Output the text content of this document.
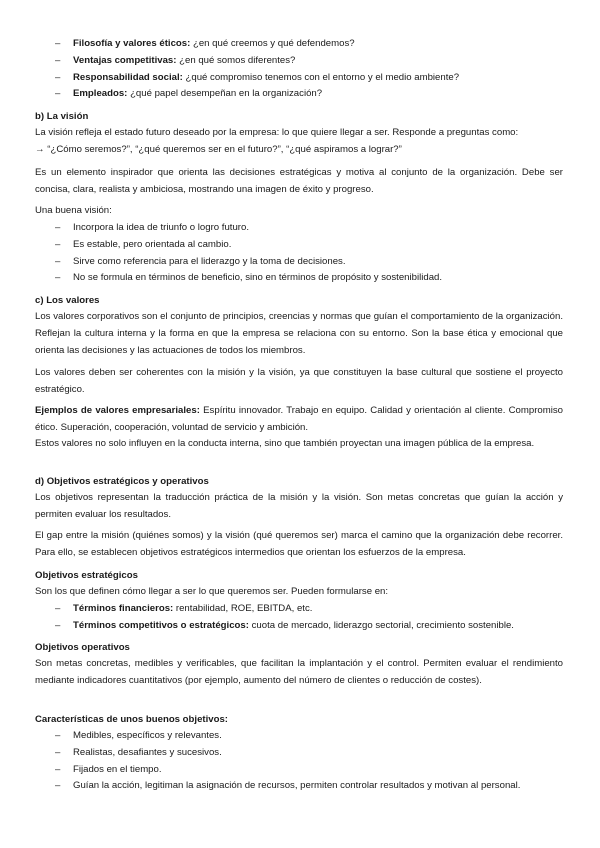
– Filosofía y valores éticos: ¿en qué creemos y qué defendemos?
– Ventajas competitivas: ¿en qué somos diferentes?
– Responsabilidad social: ¿qué compromiso tenemos con el entorno y el medio ambiente?
– Empleados: ¿qué papel desempeñan en la organización?
b) La visión
La visión refleja el estado futuro deseado por la empresa: lo que quiere llegar a ser. Responde a preguntas como:
→ “¿Cómo seremos?”, “¿qué queremos ser en el futuro?”, “¿qué aspiramos a lograr?”

Es un elemento inspirador que orienta las decisiones estratégicas y motiva al conjunto de la organización. Debe ser concisa, clara, realista y ambiciosa, mostrando una imagen de éxito y progreso.

Una buena visión:

– Incorpora la idea de triunfo o logro futuro.
– Es estable, pero orientada al cambio.
– Sirve como referencia para el liderazgo y la toma de decisiones.
– No se formula en términos de beneficio, sino en términos de propósito y sostenibilidad.
c) Los valores

Los valores corporativos son el conjunto de principios, creencias y normas que guían el comportamiento de la organización. Reflejan la cultura interna y la forma en que la empresa se relaciona con su entorno. Son la base ética y emocional que orienta las decisiones y las actuaciones de todos los miembros.

Los valores deben ser coherentes con la misión y la visión, ya que constituyen la base cultural que sostiene el proyecto estratégico.

Ejemplos de valores empresariales: Espíritu innovador. Trabajo en equipo. Calidad y orientación al cliente. Compromiso ético. Superación, cooperación, voluntad de servicio y ambición.

Estos valores no solo influyen en la conducta interna, sino que también proyectan una imagen pública de la empresa.

d) Objetivos estratégicos y operativos

Los objetivos representan la traducción práctica de la misión y la visión. Son metas concretas que guían la acción y permiten evaluar los resultados.

El gap entre la misión (quiénes somos) y la visión (qué queremos ser) marca el camino que la organización debe recorrer. Para ello, se establecen objetivos estratégicos intermedios que orientan los esfuerzos de la empresa.

Objetivos estratégicos

Son los que definen cómo llegar a ser lo que queremos ser. Pueden formularse en:

– Términos financieros: rentabilidad, ROE, EBITDA, etc.
– Términos competitivos o estratégicos: cuota de mercado, liderazgo sectorial, crecimiento sostenible.
Objetivos operativos

Son metas concretas, medibles y verificables, que facilitan la implantación y el control. Permiten evaluar el rendimiento mediante indicadores cuantitativos (por ejemplo, aumento del número de clientes o reducción de costes).

Características de unos buenos objetivos:
– Medibles, específicos y relevantes.
– Realistas, desafiantes y sucesivos.
– Fijados en el tiempo.
– Guían la acción, legitiman la asignación de recursos, permiten controlar resultados y motivan al personal.
